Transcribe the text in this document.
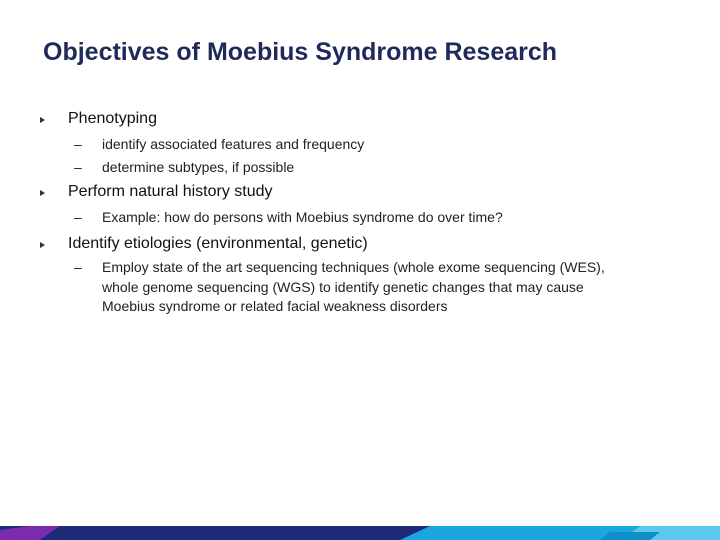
Objectives of Moebius Syndrome Research
Phenotyping
– identify associated features and frequency
– determine subtypes, if possible
Perform natural history study
– Example: how do persons with Moebius syndrome do over time?
Identify etiologies (environmental, genetic)
– Employ state of the art sequencing techniques (whole exome sequencing (WES), whole genome sequencing (WGS) to identify genetic changes that may cause Moebius syndrome or related facial weakness disorders
